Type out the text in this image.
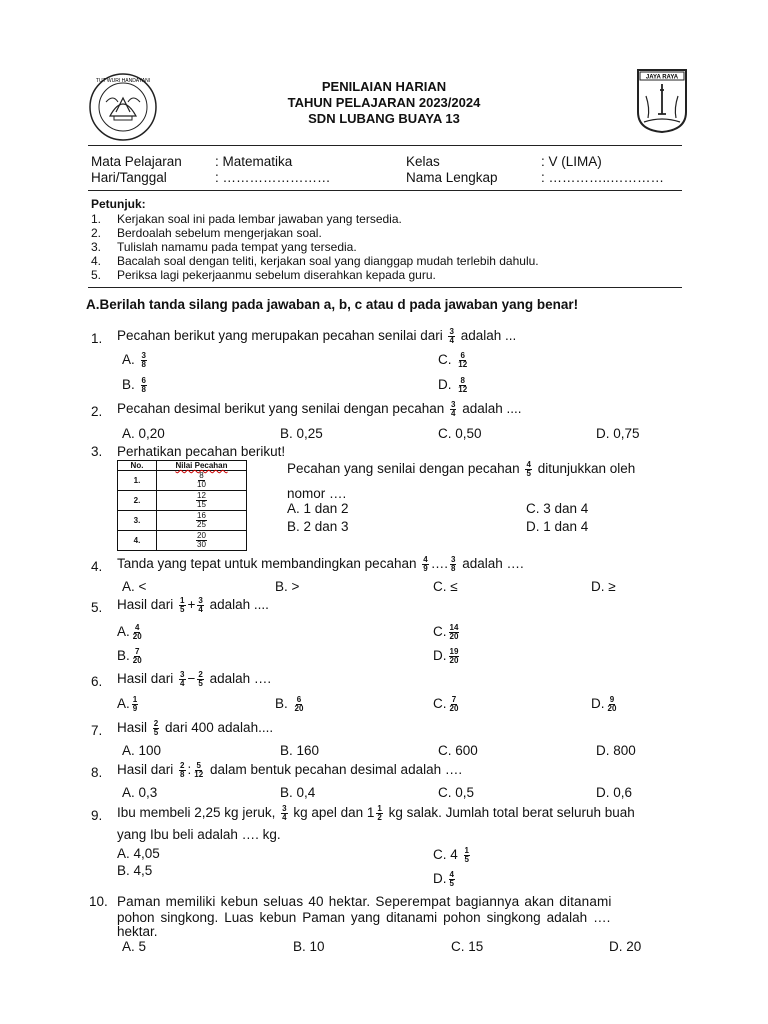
TUT WURI HANDAYANI	PENILAIAN HARIAN
TAHUN PELAJARAN 2023/2024
SDN LUBANG BUAYA 13
JAYA RAYA
Mata Pelajaran : Matematika	Kelas	: V (LIMA)
Hari/Tanggal	: ……………………	Nama Lengkap	: …………..…………
Petunjuk:
1. Kerjakan soal ini pada lembar jawaban yang tersedia.
2. Berdoalah sebelum mengerjakan soal.
3. Tulislah namamu pada tempat yang tersedia.
4. Bacalah soal dengan teliti, kerjakan soal yang dianggap mudah terlebih dahulu.
5. Periksa lagi pekerjaanmu sebelum diserahkan kepada guru.
A.Berilah tanda silang pada jawaban a, b, c atau d pada jawaban yang benar!
1. Pecahan berikut yang merupakan pecahan senilai dari $\frac{3}{4}$ adalah ...
A. $\frac{3}{8}$
B. $\frac{6}{8}$
C. $\frac{6}{12}$
D. $\frac{8}{12}$
2. Pecahan desimal berikut yang senilai dengan pecahan $\frac{3}{4}$ adalah ....
A. 0,20	B. 0,25	C. 0,50	D. 0,75
3. Perhatikan pecahan berikut!
No.	Nilai Pecahan
1.	$\frac{8}{10}$

2.	$\frac{12}{15}$

3.	$\frac{16}{25}$

4.	$\frac{20}{30}$
Pecahan yang senilai dengan pecahan $\frac{4}{5}$ ditunjukkan oleh
nomor ….
A. 1 dan 2
B. 2 dan 3
C. 3 dan 4
D. 1 dan 4
4. Tanda yang tepat untuk membandingkan pecahan $\frac{4}{9}$ …. $\frac{3}{8}$ adalah ….
A. <	B. >	C. ≤	D. ≥
5. Hasil dari $\frac{1}{5} + \frac{3}{4}$ adalah ....
A. $\frac{4}{20}$
B. $\frac{7}{20}$
C. $\frac{14}{20}$
D. $\frac{19}{20}$
6. Hasil dari $\frac{3}{4} - \frac{2}{5}$ adalah ….
A. $\frac{1}{9}$	B. $\frac{6}{20}$	C. $\frac{7}{20}$	D. $\frac{9}{20}$
7. Hasil $\frac{2}{5}$ dari 400 adalah....
A. 100	B. 160	C. 600	D. 800
8. Hasil dari $\frac{2}{8}$ : $\frac{5}{12}$ dalam bentuk pecahan desimal adalah ….
A. 0,3	B. 0,4	C. 0,5	D. 0,6
9. Ibu membeli 2,25 kg jeruk, $\frac{3}{4}$ kg apel dan $1 \frac{1}{2}$ kg salak. Jumlah total berat seluruh buah
yang Ibu beli adalah …. kg.
A. 4,05
B. 4,5
C. $4 \frac{1}{5}$
D. $\frac{4}{5}$
10. Paman memiliki kebun seluas 40 hektar. Seperempat bagiannya akan ditanami
pohon singkong. Luas kebun Paman yang ditanami pohon singkong adalah ….
hektar.
A. 5	B. 10	C. 15	D. 20
